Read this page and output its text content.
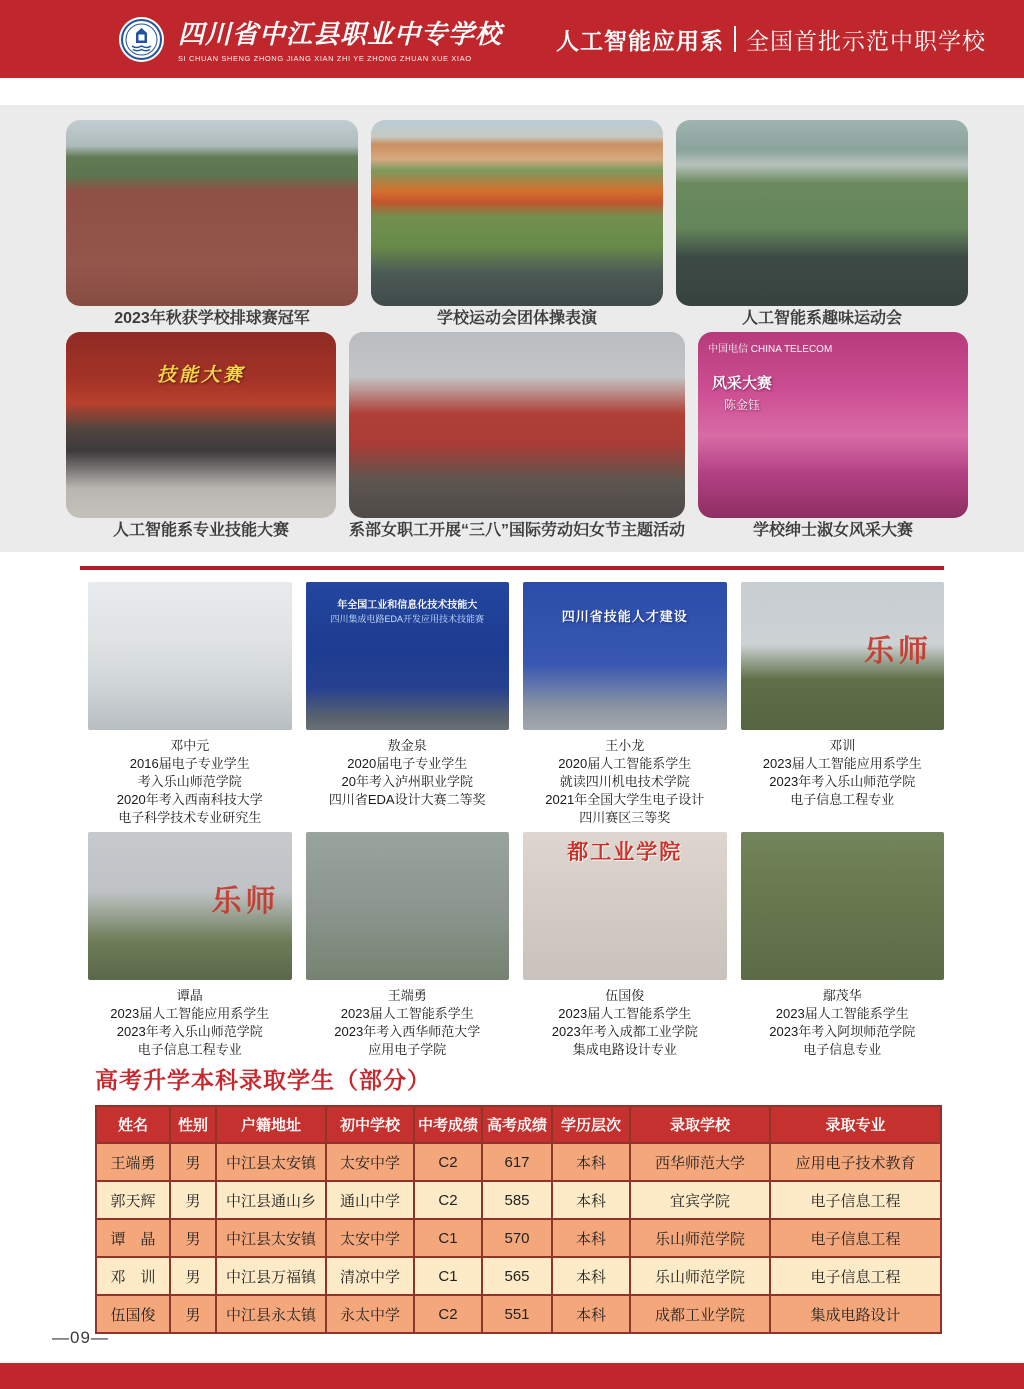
四川省中江县职业中专学校
SI CHUAN SHENG ZHONG JIANG XIAN ZHI YE ZHONG ZHUAN XUE XIAO
人工智能应用系 全国首批示范中职学校
2023年秋获学校排球赛冠军	学校运动会团体操表演	人工智能系趣味运动会
技能大赛
人工智能系专业技能大赛	系部女职工开展“三八”国际劳动妇女节主题活动
中国电信 CHINA TELECOM
风采大赛
陈金钰
学校绅士淑女风采大赛
邓中元
2016届电子专业学生
考入乐山师范学院
2020年考入西南科技大学
电子科学技术专业研究生
年全国工业和信息化技术技能大
四川集成电路EDA开发应用技术技能赛
敖金泉
2020届电子专业学生
20年考入泸州职业学院
四川省EDA设计大赛二等奖
四川省技能人才建设
王小龙
2020届人工智能系学生
就读四川机电技术学院
2021年全国大学生电子设计
四川赛区三等奖
乐师
邓训
2023届人工智能应用系学生
2023年考入乐山师范学院
电子信息工程专业
乐师
谭晶
2023届人工智能应用系学生
2023年考入乐山师范学院
电子信息工程专业
王端勇
2023届人工智能系学生
2023年考入西华师范大学
应用电子学院
都工业学院
伍国俊
2023届人工智能系学生
2023年考入成都工业学院
集成电路设计专业
鄢茂华
2023届人工智能系学生
2023年考入阿坝师范学院
电子信息专业
高考升学本科录取学生（部分）
姓名	性别	户籍地址	初中学校	中考成绩	高考成绩	学历层次	录取学校	录取专业
王端勇	男	中江县太安镇	太安中学	C2	617	本科	西华师范大学	应用电子技术教育
郭天辉	男	中江县通山乡	通山中学	C2	585	本科	宜宾学院	电子信息工程
谭　晶	男	中江县太安镇	太安中学	C1	570	本科	乐山师范学院	电子信息工程
邓　训	男	中江县万福镇	清凉中学	C1	565	本科	乐山师范学院	电子信息工程
伍国俊	男	中江县永太镇	永太中学	C2	551	本科	成都工业学院	集成电路设计
—09—
